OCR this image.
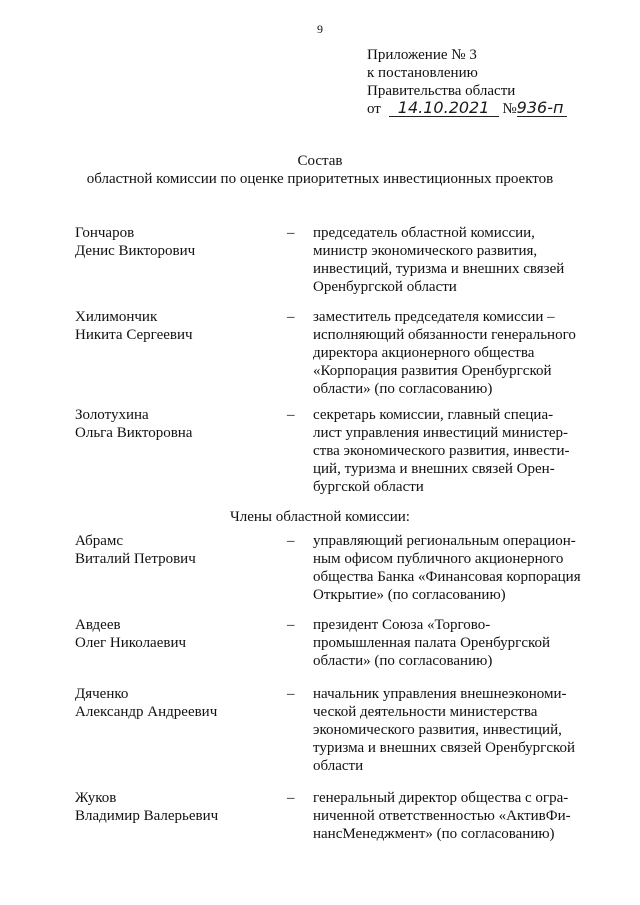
9
Приложение № 3
к постановлению
Правительства области
от 14.10.2021 №936-п
Состав
областной комиссии по оценке приоритетных инвестиционных проектов
Гончаров
Денис Викторович
–	председатель областной комиссии,
министр экономического развития,
инвестиций, туризма и внешних связей
Оренбургской области
Хилимончик
Никита Сергеевич
–	заместитель председателя комиссии –
исполняющий обязанности генерального
директора акционерного общества
«Корпорация развития Оренбургской
области» (по согласованию)
Золотухина
Ольга Викторовна
–	секретарь комиссии, главный специа-
лист управления инвестиций министер-
ства экономического развития, инвести-
ций, туризма и внешних связей Орен-
бургской области
Абрамс
Виталий Петрович
–	управляющий региональным операцион-
ным офисом публичного акционерного
общества Банка «Финансовая корпорация
Открытие» (по согласованию)
Авдеев
Олег Николаевич
–	президент Союза «Торгово-
промышленная палата Оренбургской
области» (по согласованию)
Дяченко
Александр Андреевич
–	начальник управления внешнеэкономи-
ческой деятельности министерства
экономического развития, инвестиций,
туризма и внешних связей Оренбургской
области
Жуков
Владимир Валерьевич
–	генеральный директор общества с огра-
ниченной ответственностью «АктивФи-
нансМенеджмент» (по согласованию)
Члены областной комиссии:
